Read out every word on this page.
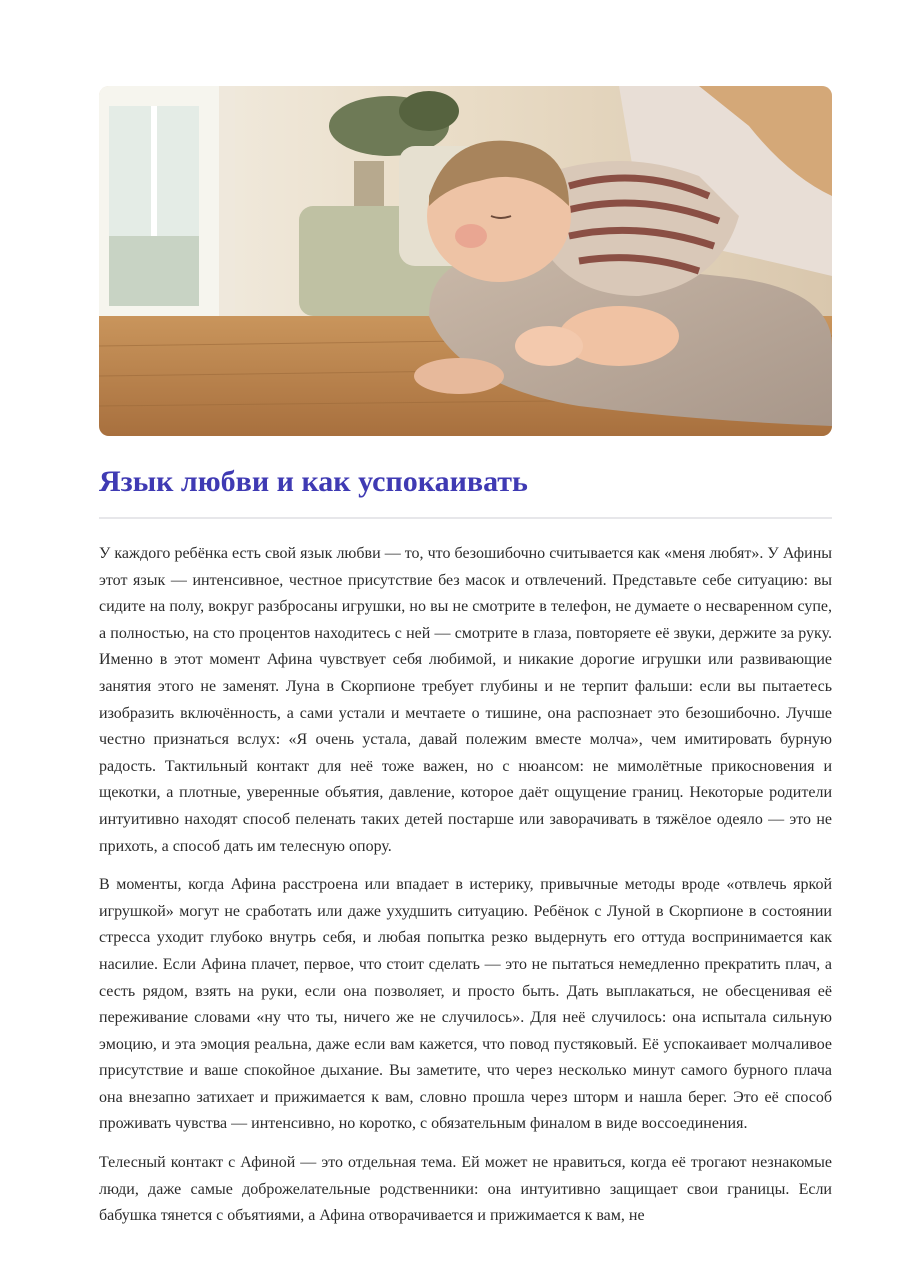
Язык любви и как успокаивать

У каждого ребёнка есть свой язык любви — то, что безошибочно считывается как «меня любят». У Афины этот язык — интенсивное, честное присутствие без масок и отвлечений. Представьте себе ситуацию: вы сидите на полу, вокруг разбросаны игрушки, но вы не смотрите в телефон, не думаете о несваренном супе, а полностью, на сто процентов находитесь с ней — смотрите в глаза, повторяете её звуки, держите за руку. Именно в этот момент Афина чувствует себя любимой, и никакие дорогие игрушки или развивающие занятия этого не заменят. Луна в Скорпионе требует глубины и не терпит фальши: если вы пытаетесь изобразить включённость, а сами устали и мечтаете о тишине, она распознает это безошибочно. Лучше честно признаться вслух: «Я очень устала, давай полежим вместе молча», чем имитировать бурную радость. Тактильный контакт для неё тоже важен, но с нюансом: не мимолётные прикосновения и щекотки, а плотные, уверенные объятия, давление, которое даёт ощущение границ. Некоторые родители интуитивно находят способ пеленать таких детей постарше или заворачивать в тяжёлое одеяло — это не прихоть, а способ дать им телесную опору.

В моменты, когда Афина расстроена или впадает в истерику, привычные методы вроде «отвлечь яркой игрушкой» могут не сработать или даже ухудшить ситуацию. Ребёнок с Луной в Скорпионе в состоянии стресса уходит глубоко внутрь себя, и любая попытка резко выдернуть его оттуда воспринимается как насилие. Если Афина плачет, первое, что стоит сделать — это не пытаться немедленно прекратить плач, а сесть рядом, взять на руки, если она позволяет, и просто быть. Дать выплакаться, не обесценивая её переживание словами «ну что ты, ничего же не случилось». Для неё случилось: она испытала сильную эмоцию, и эта эмоция реальна, даже если вам кажется, что повод пустяковый. Её успокаивает молчаливое присутствие и ваше спокойное дыхание. Вы заметите, что через несколько минут самого бурного плача она внезапно затихает и прижимается к вам, словно прошла через шторм и нашла берег. Это её способ проживать чувства — интенсивно, но коротко, с обязательным финалом в виде воссоединения.

Телесный контакт с Афиной — это отдельная тема. Ей может не нравиться, когда её трогают незнакомые люди, даже самые доброжелательные родственники: она интуитивно защищает свои границы. Если бабушка тянется с объятиями, а Афина отворачивается и прижимается к вам, не
